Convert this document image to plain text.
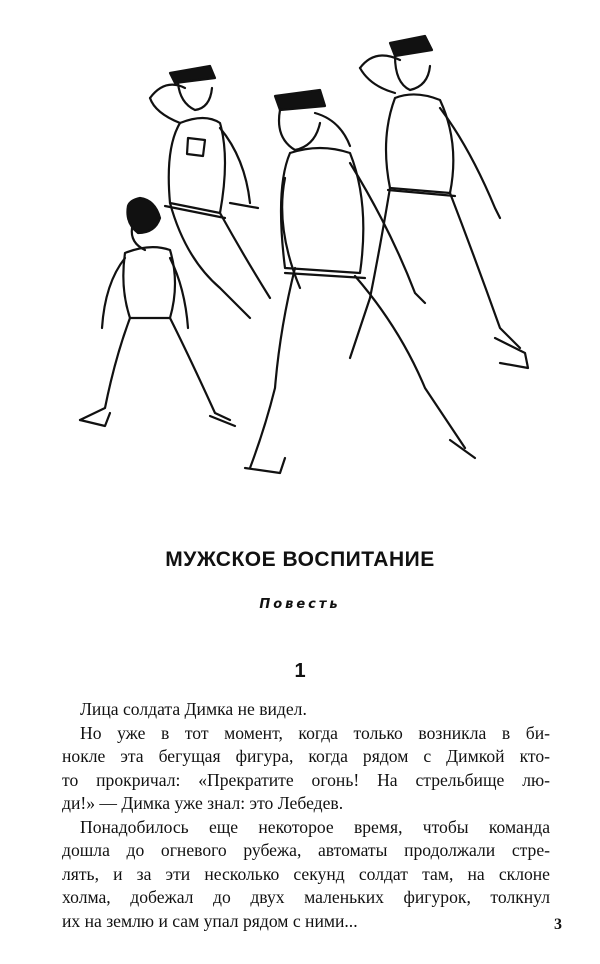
МУЖСКОЕ ВОСПИТАНИЕ
Повесть
1
Лица солдата Димка не видел.
Но уже в тот момент, когда только возникла в би-
нокле эта бегущая фигура, когда рядом с Димкой кто-
то прокричал: «Прекратите огонь! На стрельбище лю-
ди!» — Димка уже знал: это Лебедев.
Понадобилось еще некоторое время, чтобы команда
дошла до огневого рубежа, автоматы продолжали стре-
лять, и за эти несколько секунд солдат там, на склоне
холма, добежал до двух маленьких фигурок, толкнул
их на землю и сам упал рядом с ними...	3
